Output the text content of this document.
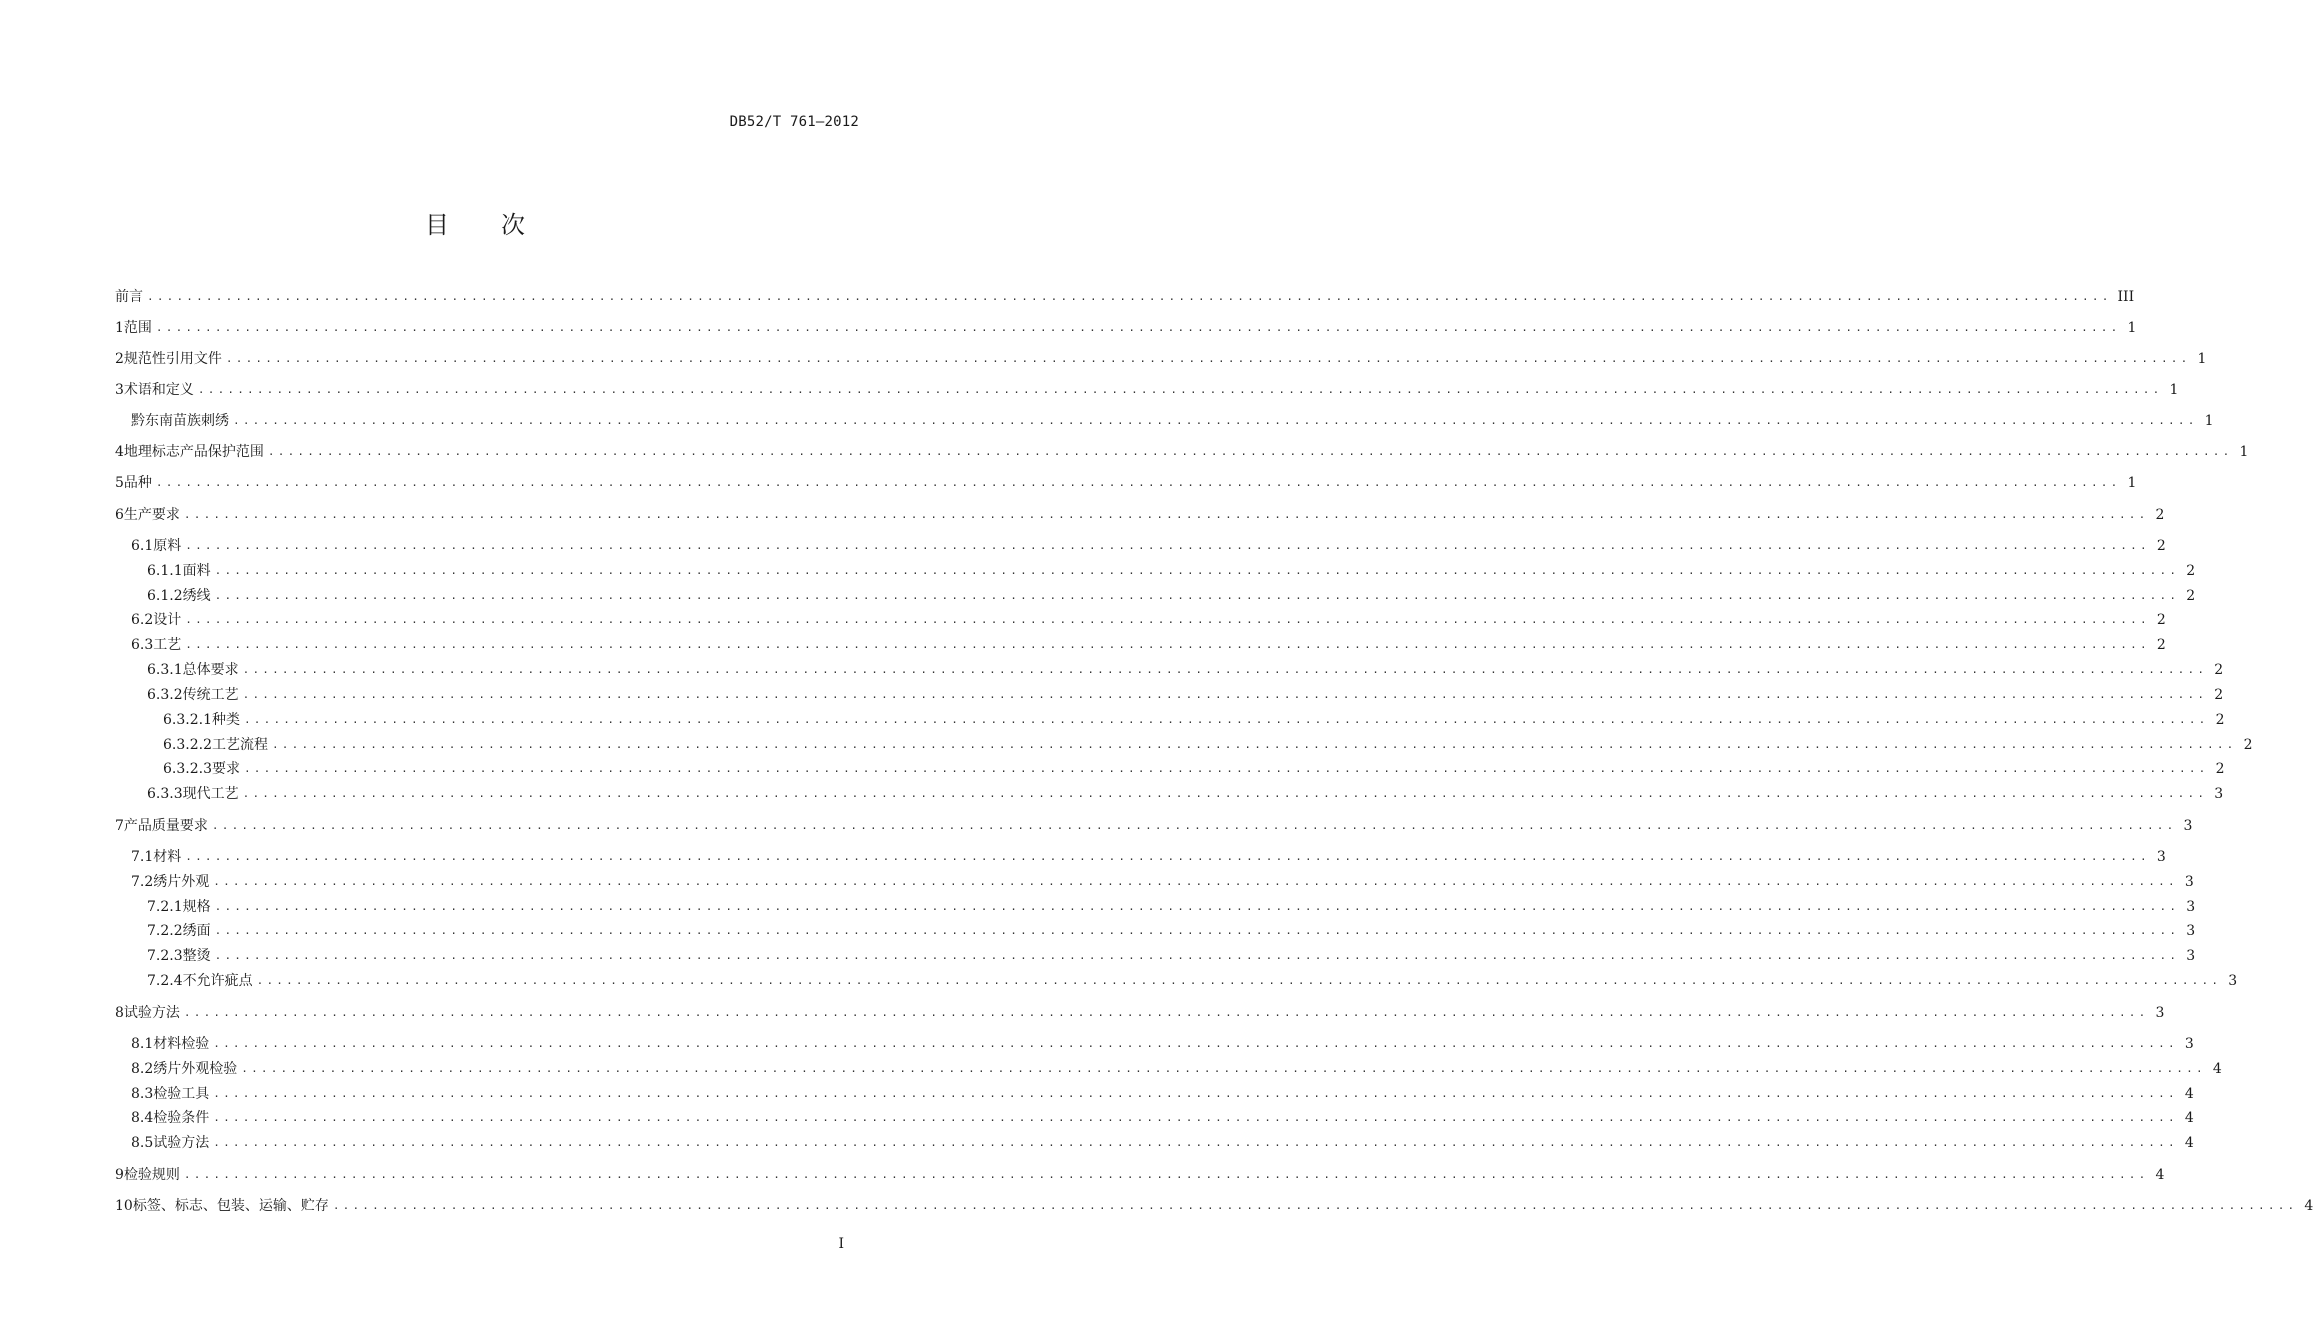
DB52/T 761—2012
目次
前言 ........................................................................................................................................................................................................ III
1 范围 ........................................................................................................................................................................................................ 1
2 规范性引用文件 ........................................................................................................................................................................................................ 1
3 术语和定义 ........................................................................................................................................................................................................ 1
黔东南苗族刺绣 ........................................................................................................................................................................................................ 1
4 地理标志产品保护范围 ........................................................................................................................................................................................................ 1
5 品种 ........................................................................................................................................................................................................ 1
6 生产要求 ........................................................................................................................................................................................................ 2
6.1 原料 ........................................................................................................................................................................................................ 2
6.1.1 面料 ........................................................................................................................................................................................................ 2
6.1.2 绣线 ........................................................................................................................................................................................................ 2
6.2 设计 ........................................................................................................................................................................................................ 2
6.3 工艺 ........................................................................................................................................................................................................ 2
6.3.1 总体要求 ........................................................................................................................................................................................................ 2
6.3.2 传统工艺 ........................................................................................................................................................................................................ 2
6.3.2.1 种类 ........................................................................................................................................................................................................ 2
6.3.2.2 工艺流程 ........................................................................................................................................................................................................ 2
6.3.2.3 要求 ........................................................................................................................................................................................................ 2
6.3.3 现代工艺 ........................................................................................................................................................................................................ 3
7 产品质量要求 ........................................................................................................................................................................................................ 3
7.1 材料 ........................................................................................................................................................................................................ 3
7.2 绣片外观 ........................................................................................................................................................................................................ 3
7.2.1 规格 ........................................................................................................................................................................................................ 3
7.2.2 绣面 ........................................................................................................................................................................................................ 3
7.2.3 整烫 ........................................................................................................................................................................................................ 3
7.2.4 不允许疵点 ........................................................................................................................................................................................................ 3
8 试验方法 ........................................................................................................................................................................................................ 3
8.1 材料检验 ........................................................................................................................................................................................................ 3
8.2 绣片外观检验 ........................................................................................................................................................................................................ 4
8.3 检验工具 ........................................................................................................................................................................................................ 4
8.4 检验条件 ........................................................................................................................................................................................................ 4
8.5 试验方法 ........................................................................................................................................................................................................ 4
9 检验规则 ........................................................................................................................................................................................................ 4
10 标签、标志、包装、运输、贮存 ........................................................................................................................................................................................................ 4
I
